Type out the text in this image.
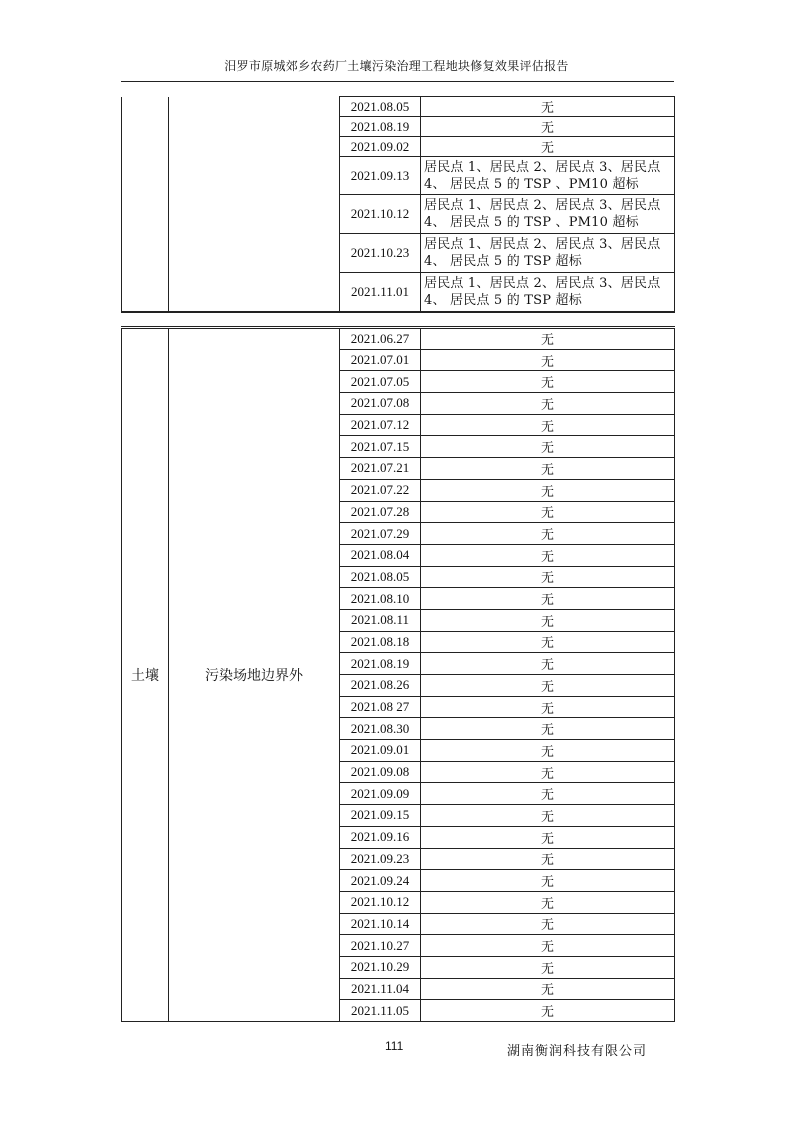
汨罗市原城郊乡农药厂土壤污染治理工程地块修复效果评估报告
		2021.08.05	无
		2021.08.19	无
		2021.09.02	无
		2021.09.13	居民点 1、居民点 2、居民点 3、居民点
4、 居民点 5 的 TSP 、PM10 超标

		2021.10.12	居民点 1、居民点 2、居民点 3、居民点
4、 居民点 5 的 TSP 、PM10 超标

		2021.10.23	居民点 1、居民点 2、居民点 3、居民点
4、 居民点 5 的 TSP 超标

		2021.11.01	居民点 1、居民点 2、居民点 3、居民点
4、 居民点 5 的 TSP 超标
土壤	污染场地边界外	2021.06.27	无
		2021.07.01	无
		2021.07.05	无
		2021.07.08	无
		2021.07.12	无
		2021.07.15	无
		2021.07.21	无
		2021.07.22	无
		2021.07.28	无
		2021.07.29	无
		2021.08.04	无
		2021.08.05	无
		2021.08.10	无
		2021.08.11	无
		2021.08.18	无
		2021.08.19	无
		2021.08.26	无
		2021.08 27	无
		2021.08.30	无
		2021.09.01	无
		2021.09.08	无
		2021.09.09	无
		2021.09.15	无
		2021.09.16	无
		2021.09.23	无
		2021.09.24	无
		2021.10.12	无
		2021.10.14	无
		2021.10.27	无
		2021.10.29	无
		2021.11.04	无
		2021.11.05	无
111	湖南衡润科技有限公司
